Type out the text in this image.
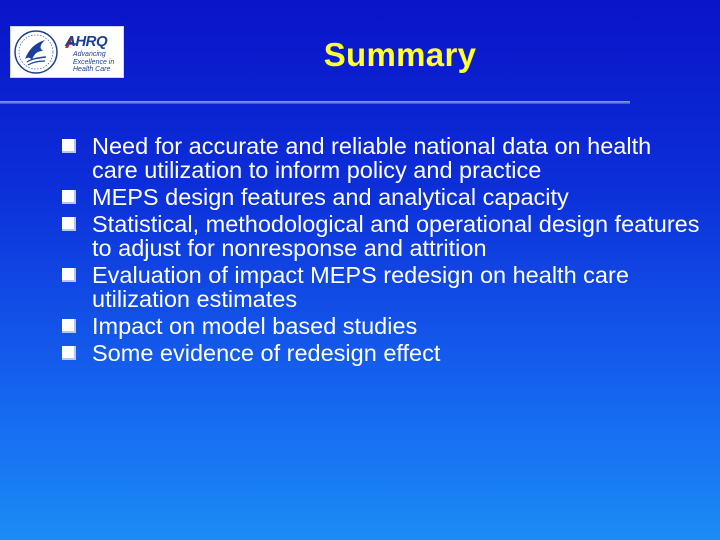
AHRQ
Advancing
Excellence in
Health Care	Summary
Need for accurate and reliable national data on health care utilization to inform policy and practice
MEPS design features and analytical capacity
Statistical, methodological and operational design features to adjust for nonresponse and attrition
Evaluation of impact MEPS redesign on health care utilization estimates
Impact on model based studies
Some evidence of redesign effect
